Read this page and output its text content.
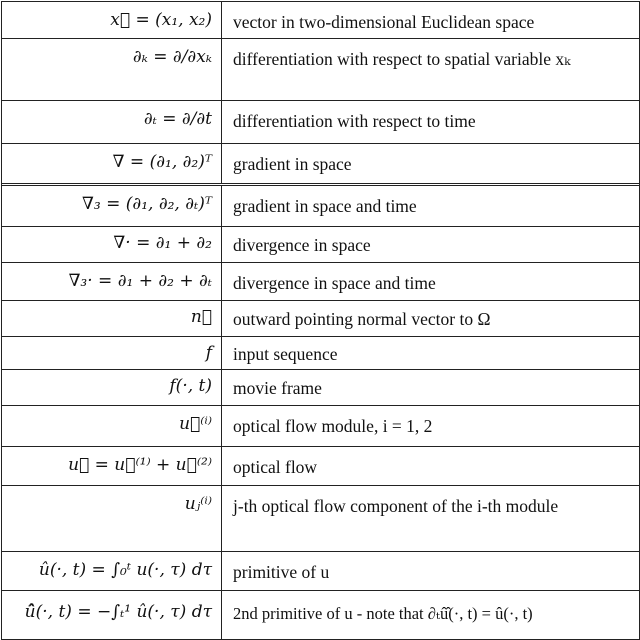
x⃗ = (x₁, x₂)	vector in two-dimensional Euclidean space
∂ₖ = ∂/∂xₖ	differentiation with respect to spatial variable xₖ
∂ₜ = ∂/∂t	differentiation with respect to time
∇ = (∂₁, ∂₂)ᵀ	gradient in space
∇₃ = (∂₁, ∂₂, ∂ₜ)ᵀ	gradient in space and time
∇· = ∂₁ + ∂₂	divergence in space
∇₃· = ∂₁ + ∂₂ + ∂ₜ	divergence in space and time
n⃗	outward pointing normal vector to Ω
f	input sequence
f(·, t)	movie frame
u⃗⁽ⁱ⁾	optical flow module, i = 1, 2
u⃗ = u⃗⁽¹⁾ + u⃗⁽²⁾	optical flow
uⱼ⁽ⁱ⁾	j-th optical flow component of the i-th module
û(·, t) = ∫₀ᵗ u(·, τ) dτ	primitive of u
û̂(·, t) = −∫ₜ¹ û(·, τ) dτ	2nd primitive of u - note that ∂ₜû̂(·, t) = û(·, t)
